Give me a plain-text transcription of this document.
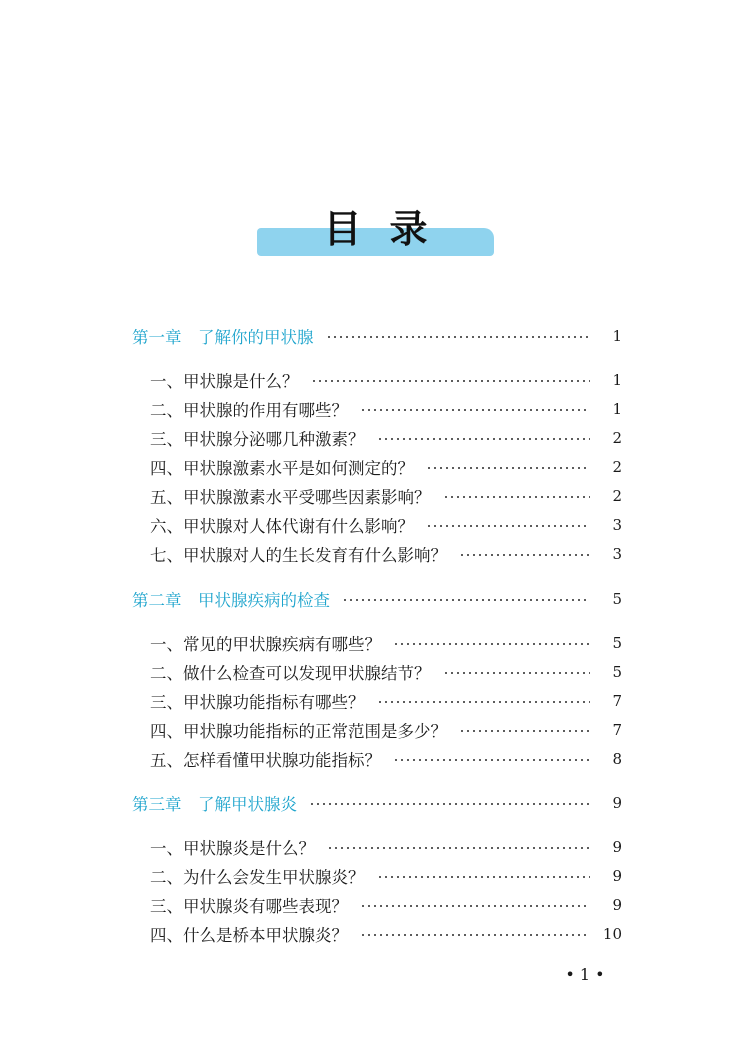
目录
第一章　了解你的甲状腺	1
一、甲状腺是什么？	1
二、甲状腺的作用有哪些？	1
三、甲状腺分泌哪几种激素？	2
四、甲状腺激素水平是如何测定的？	2
五、甲状腺激素水平受哪些因素影响？	2
六、甲状腺对人体代谢有什么影响？	3
七、甲状腺对人的生长发育有什么影响？	3
第二章　甲状腺疾病的检查	5
一、常见的甲状腺疾病有哪些？	5
二、做什么检查可以发现甲状腺结节？	5
三、甲状腺功能指标有哪些？	7
四、甲状腺功能指标的正常范围是多少？	7
五、怎样看懂甲状腺功能指标？	8
第三章　了解甲状腺炎	9
一、甲状腺炎是什么？	9
二、为什么会发生甲状腺炎？	9
三、甲状腺炎有哪些表现？	9
四、什么是桥本甲状腺炎？	10
• 1 •
